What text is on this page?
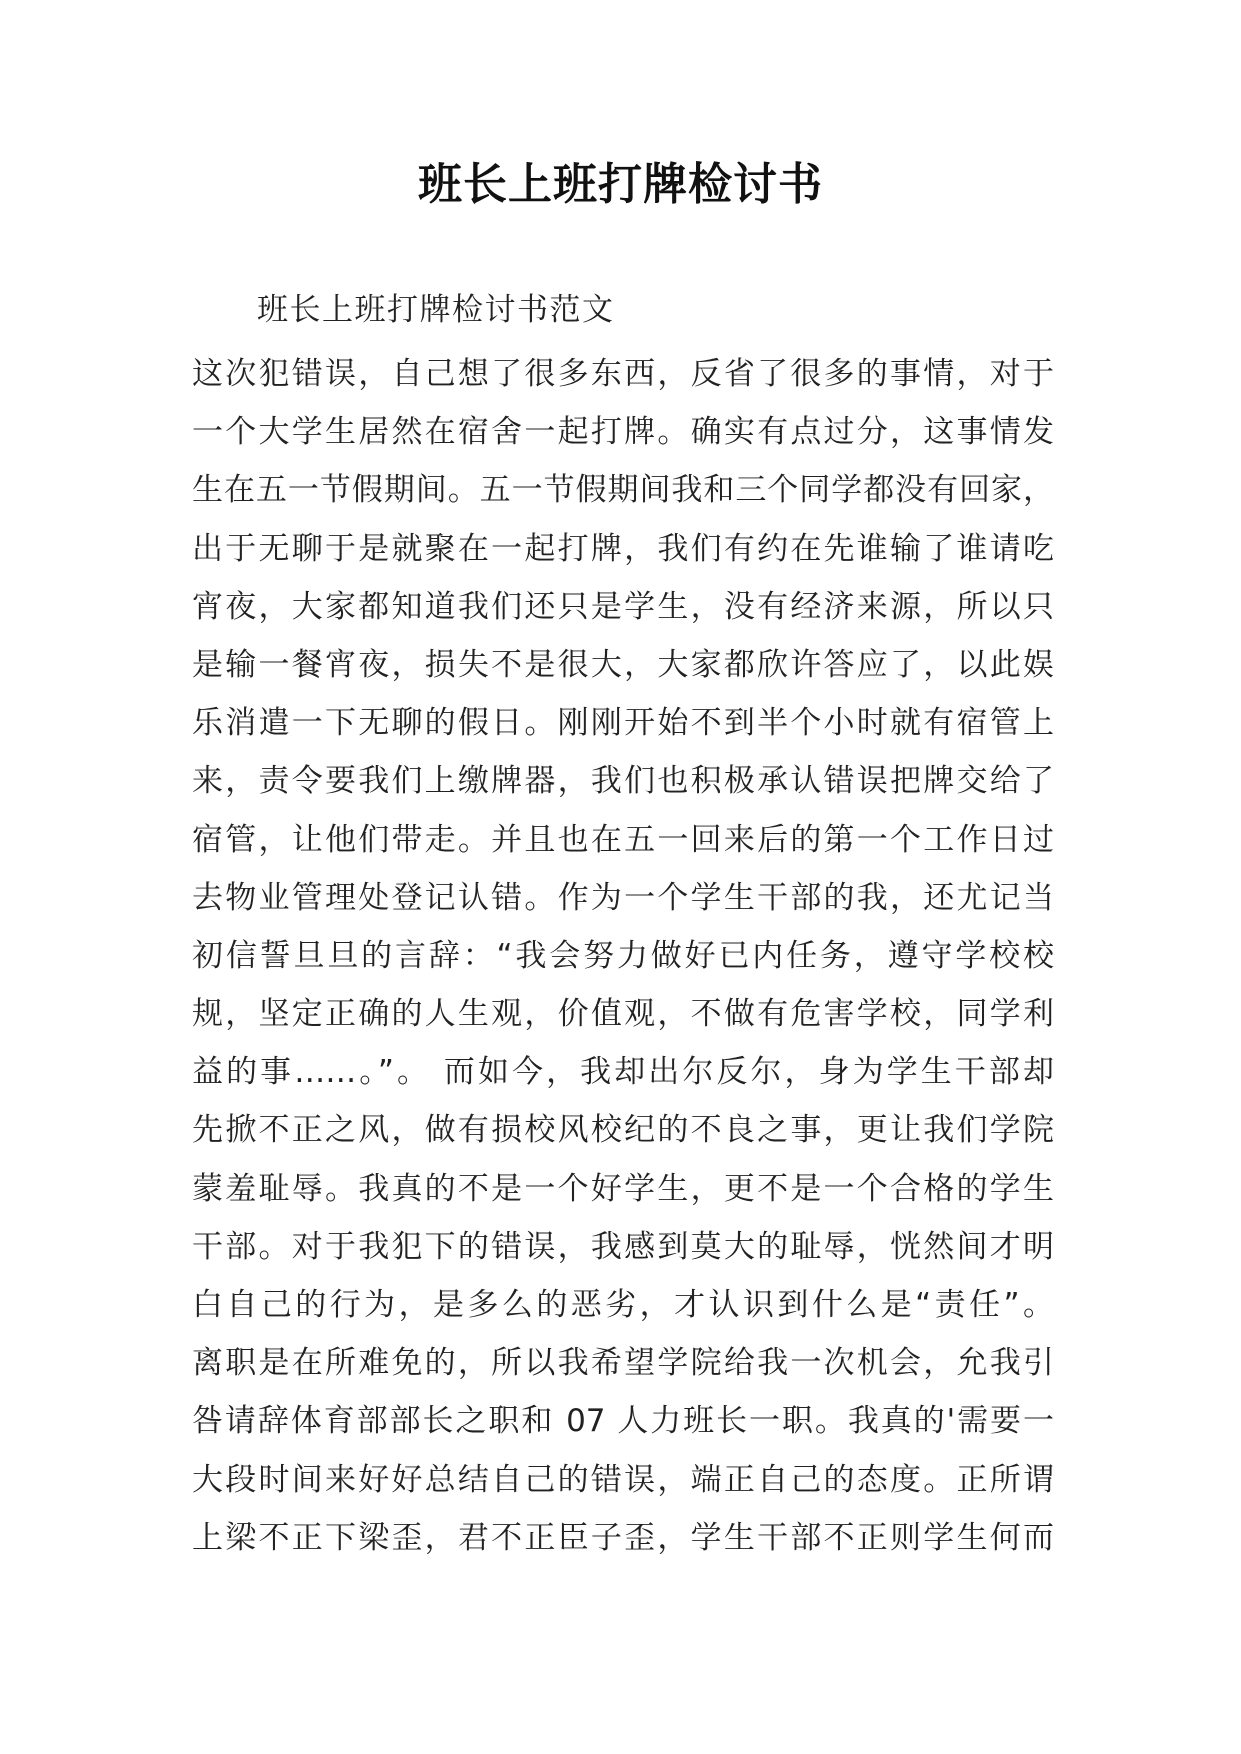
班长上班打牌检讨书
班长上班打牌检讨书范文
这次犯错误，自己想了很多东西，反省了很多的事情，对于
一个大学生居然在宿舍一起打牌。确实有点过分，这事情发
生在五一节假期间。五一节假期间我和三个同学都没有回家，
出于无聊于是就聚在一起打牌，我们有约在先谁输了谁请吃
宵夜，大家都知道我们还只是学生，没有经济来源，所以只
是输一餐宵夜，损失不是很大，大家都欣许答应了，以此娱
乐消遣一下无聊的假日。刚刚开始不到半个小时就有宿管上
来，责令要我们上缴牌器，我们也积极承认错误把牌交给了
宿管，让他们带走。并且也在五一回来后的第一个工作日过
去物业管理处登记认错。作为一个学生干部的我，还尤记当
初信誓旦旦的言辞：“我会努力做好已内任务，遵守学校校
规，坚定正确的人生观，价值观，不做有危害学校，同学利
益的事……。”。 而如今，我却出尔反尔，身为学生干部却
先掀不正之风，做有损校风校纪的不良之事，更让我们学院
蒙羞耻辱。我真的不是一个好学生，更不是一个合格的学生
干部。对于我犯下的错误，我感到莫大的耻辱，恍然间才明
白自己的行为，是多么的恶劣，才认识到什么是“责任”。
离职是在所难免的，所以我希望学院给我一次机会，允我引
咎请辞体育部部长之职和 07 人力班长一职。我真的'需要一
大段时间来好好总结自己的错误，端正自己的态度。正所谓
上梁不正下梁歪，君不正臣子歪，学生干部不正则学生何而
